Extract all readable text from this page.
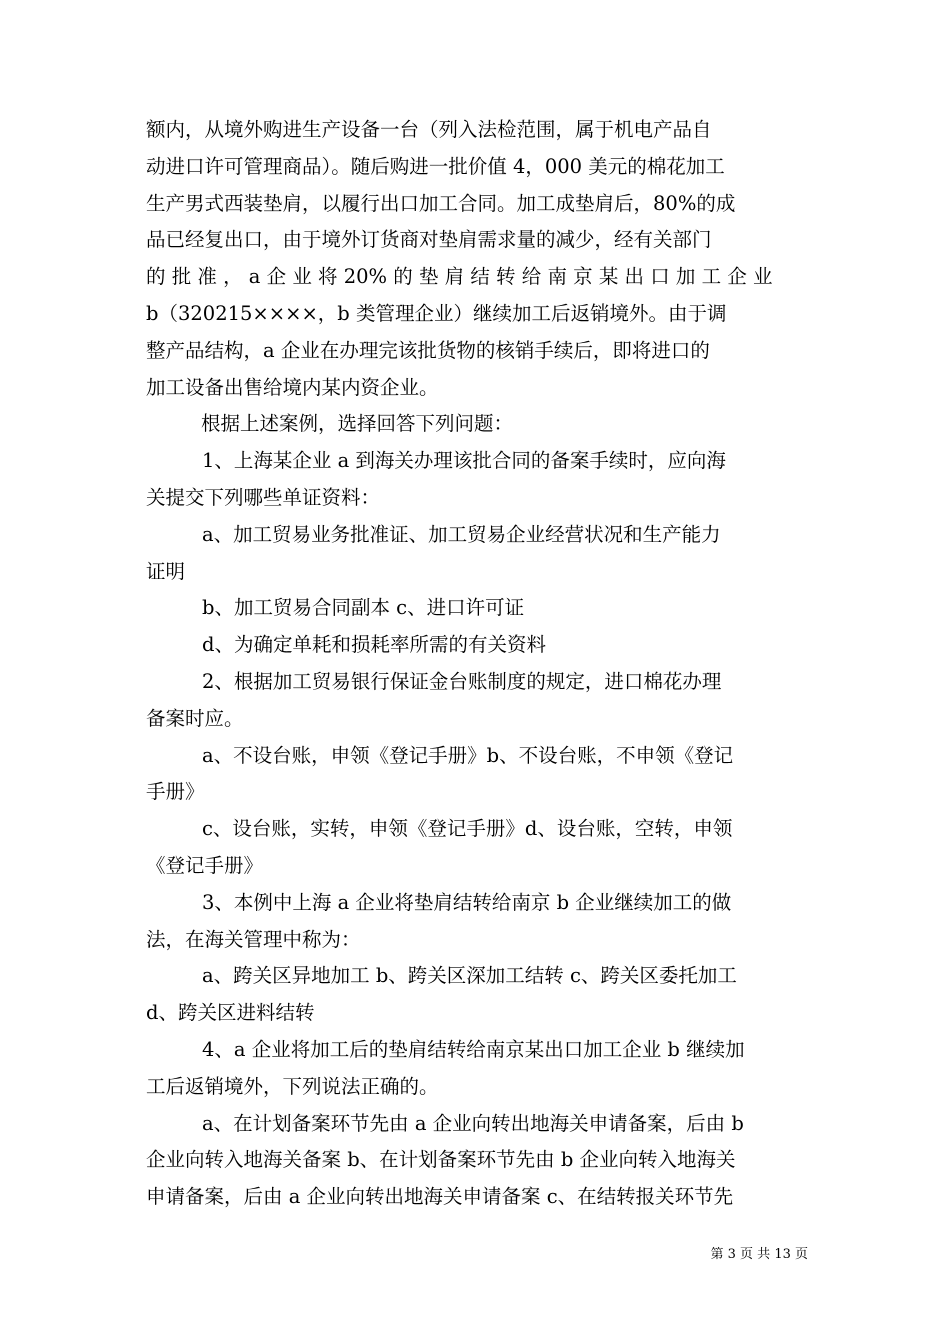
额内，从境外购进生产设备一台（列入法检范围，属于机电产品自
动进口许可管理商品）。随后购进一批价值 4，000 美元的棉花加工
生产男式西装垫肩，以履行出口加工合同。加工成垫肩后，80%的成
品已经复出口，由于境外订货商对垫肩需求量的减少，经有关部门
的 批 准 ， a 企 业 将 20% 的 垫 肩 结 转 给 南 京 某 出 口 加 工 企 业
b（320215××××，b 类管理企业）继续加工后返销境外。由于调
整产品结构，a 企业在办理完该批货物的核销手续后，即将进口的
加工设备出售给境内某内资企业。
根据上述案例，选择回答下列问题：
1、上海某企业 a 到海关办理该批合同的备案手续时，应向海
关提交下列哪些单证资料：
a、加工贸易业务批准证、加工贸易企业经营状况和生产能力
证明
b、加工贸易合同副本 c、进口许可证
d、为确定单耗和损耗率所需的有关资料
2、根据加工贸易银行保证金台账制度的规定，进口棉花办理
备案时应。
a、不设台账，申领《登记手册》b、不设台账，不申领《登记
手册》
c、设台账，实转，申领《登记手册》d、设台账，空转，申领
《登记手册》
3、本例中上海 a 企业将垫肩结转给南京 b 企业继续加工的做
法，在海关管理中称为：
a、跨关区异地加工 b、跨关区深加工结转 c、跨关区委托加工
d、跨关区进料结转
4、a 企业将加工后的垫肩结转给南京某出口加工企业 b 继续加
工后返销境外，下列说法正确的。
a、在计划备案环节先由 a 企业向转出地海关申请备案，后由 b
企业向转入地海关备案 b、在计划备案环节先由 b 企业向转入地海关
申请备案，后由 a 企业向转出地海关申请备案 c、在结转报关环节先
第 3 页 共 13 页
